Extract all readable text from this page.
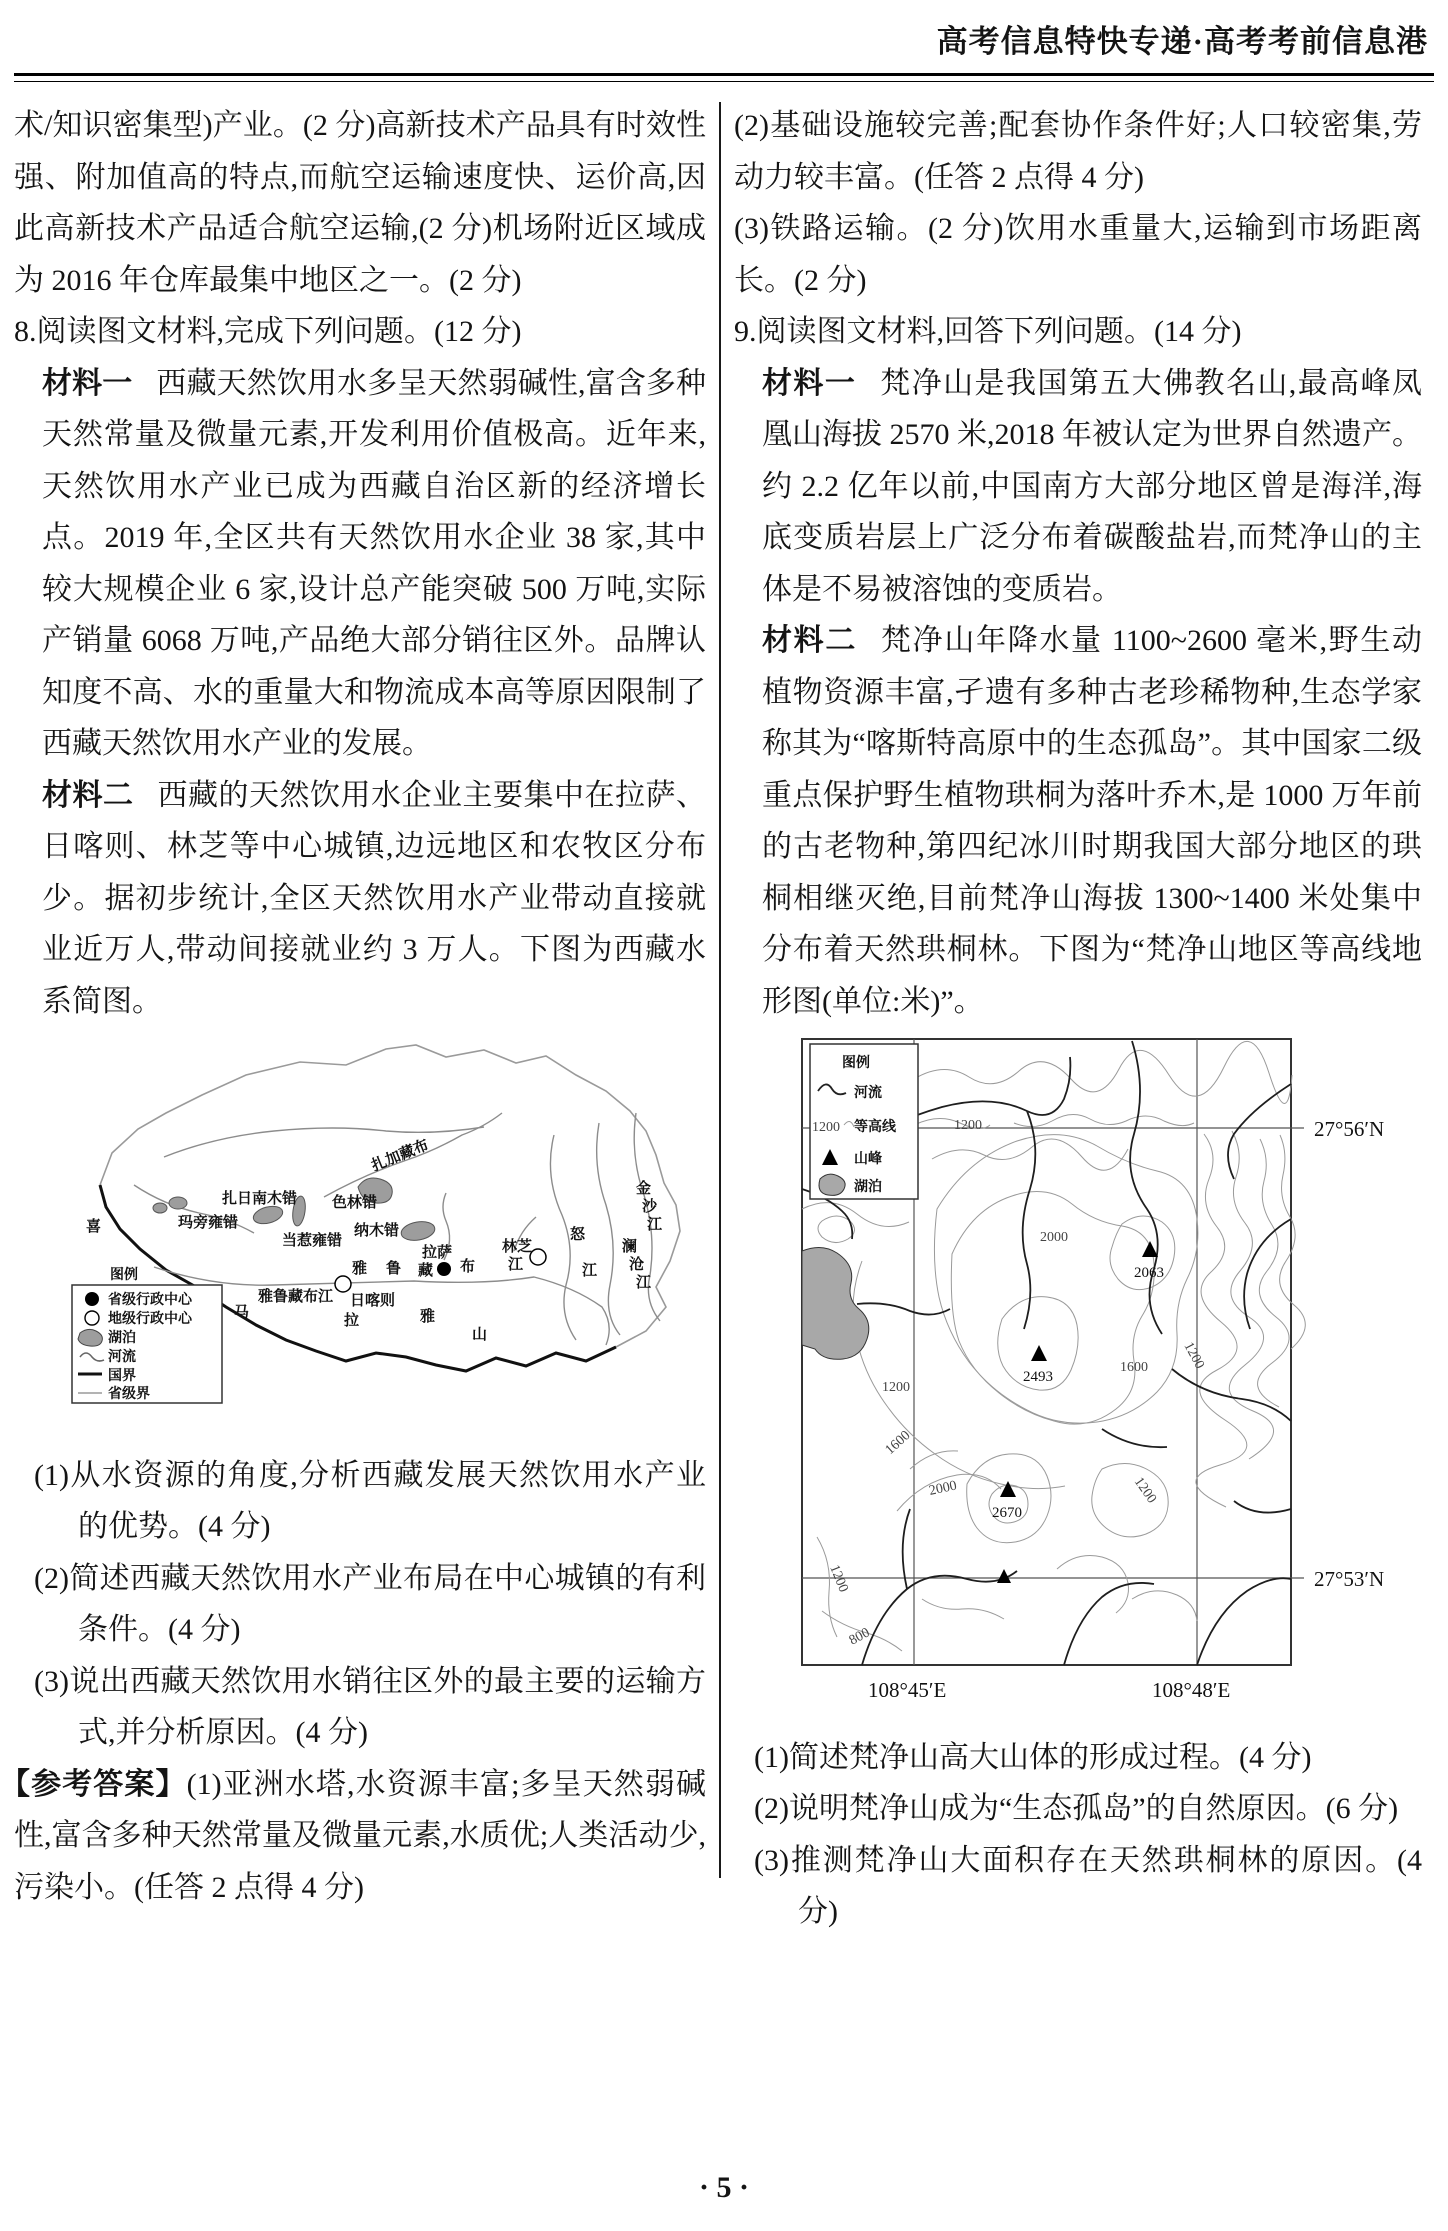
高考信息特快专递·高考考前信息港

术/知识密集型)产业。(2 分)高新技术产品具有时效性强、附加值高的特点,而航空运输速度快、运价高,因此高新技术产品适合航空运输,(2 分)机场附近区域成为 2016 年仓库最集中地区之一。(2 分)

8.阅读图文材料,完成下列问题。(12 分)

材料一 西藏天然饮用水多呈天然弱碱性,富含多种天然常量及微量元素,开发利用价值极高。近年来,天然饮用水产业已成为西藏自治区新的经济增长点。2019 年,全区共有天然饮用水企业 38 家,其中较大规模企业 6 家,设计总产能突破 500 万吨,实际产销量 6068 万吨,产品绝大部分销往区外。品牌认知度不高、水的重量大和物流成本高等原因限制了西藏天然饮用水产业的发展。

材料二 西藏的天然饮用水企业主要集中在拉萨、日喀则、林芝等中心城镇,边远地区和农牧区分布少。据初步统计,全区天然饮用水产业带动直接就业近万人,带动间接就业约 3 万人。下图为西藏水系简图。

扎加藏布
扎日南木错 色林错
玛旁雍错
当惹雍错
纳木错
拉萨
雅 鲁 藏 布
林芝
江
雅鲁藏布江 日喀则
喜
马	拉	雅
山
怒
江
金
沙
江
澜
沧
江
图例
省级行政中心
地级行政中心
湖泊
河流
国界
省级界

(1)从水资源的角度,分析西藏发展天然饮用水产业的优势。(4 分)

(2)简述西藏天然饮用水产业布局在中心城镇的有利条件。(4 分)

(3)说出西藏天然饮用水销往区外的最主要的运输方式,并分析原因。(4 分)

【参考答案】(1)亚洲水塔,水资源丰富;多呈天然弱碱性,富含多种天然常量及微量元素,水质优;人类活动少,污染小。(任答 2 点得 4 分)

(2)基础设施较完善;配套协作条件好;人口较密集,劳动力较丰富。(任答 2 点得 4 分)

(3)铁路运输。(2 分)饮用水重量大,运输到市场距离长。(2 分)

9.阅读图文材料,回答下列问题。(14 分)

材料一 梵净山是我国第五大佛教名山,最高峰凤凰山海拔 2570 米,2018 年被认定为世界自然遗产。约 2.2 亿年以前,中国南方大部分地区曾是海洋,海底变质岩层上广泛分布着碳酸盐岩,而梵净山的主体是不易被溶蚀的变质岩。

材料二 梵净山年降水量 1100~2600 毫米,野生动植物资源丰富,孑遗有多种古老珍稀物种,生态学家称其为“喀斯特高原中的生态孤岛”。其中国家二级重点保护野生植物珙桐为落叶乔木,是 1000 万年前的古老物种,第四纪冰川时期我国大部分地区的珙桐相继灭绝,目前梵净山海拔 1300~1400 米处集中分布着天然珙桐林。下图为“梵净山地区等高线地形图(单位:米)”。

2063
2493
2670
1200
2000
1200
1600
1200
1600
1200
2000
1200
800
图例
河流
1200 等高线
山峰
湖泊
27°56′N
27°53′N
108°45′E	108°48′E

(1)简述梵净山高大山体的形成过程。(4 分)

(2)说明梵净山成为“生态孤岛”的自然原因。(6 分)

(3)推测梵净山大面积存在天然珙桐林的原因。(4 分)

· 5 ·
